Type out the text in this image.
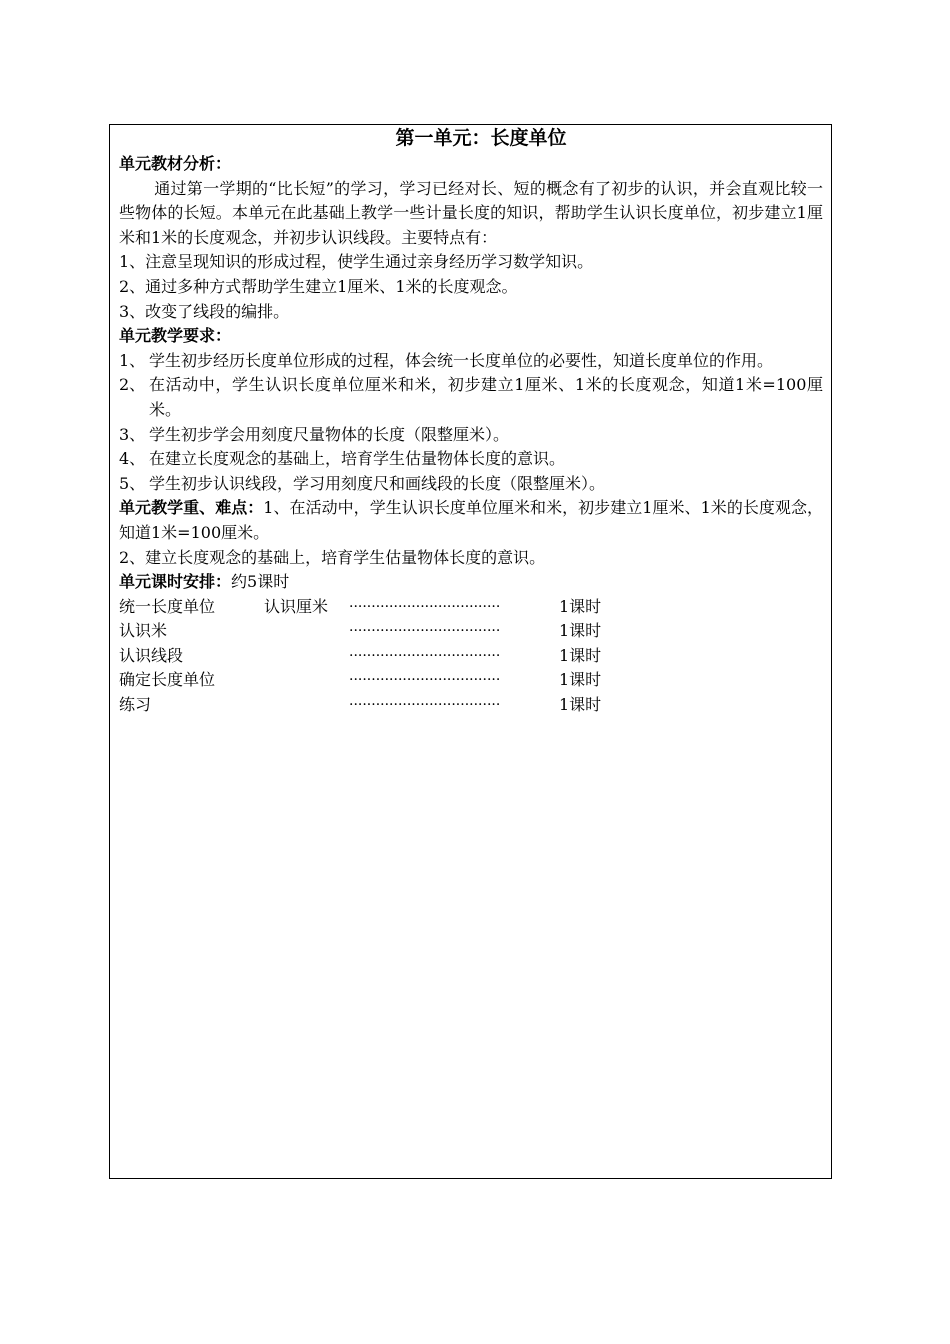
第一单元：长度单位
单元教材分析：
通过第一学期的“比长短”的学习，学习已经对长、短的概念有了初步的认识，并会直观比较一些物体的长短。本单元在此基础上教学一些计量长度的知识，帮助学生认识长度单位，初步建立1厘米和1米的长度观念，并初步认识线段。主要特点有：
1、注意呈现知识的形成过程，使学生通过亲身经历学习数学知识。
2、通过多种方式帮助学生建立1厘米、1米的长度观念。
3、改变了线段的编排。
单元教学要求：
1、 学生初步经历长度单位形成的过程，体会统一长度单位的必要性，知道长度单位的作用。
2、 在活动中，学生认识长度单位厘米和米，初步建立1厘米、1米的长度观念，知道1米=100厘米。
3、 学生初步学会用刻度尺量物体的长度（限整厘米）。
4、 在建立长度观念的基础上，培育学生估量物体长度的意识。
5、 学生初步认识线段，学习用刻度尺和画线段的长度（限整厘米）。
单元教学重、难点：1、在活动中，学生认识长度单位厘米和米，初步建立1厘米、1米的长度观念，知道1米=100厘米。
2、建立长度观念的基础上，培育学生估量物体长度的意识。
单元课时安排：约5课时
统一长度单位	认识厘米 ··································	1课时
认识米	··································	1课时
认识线段	··································	1课时
确定长度单位	··································	1课时
练习	··································	1课时
